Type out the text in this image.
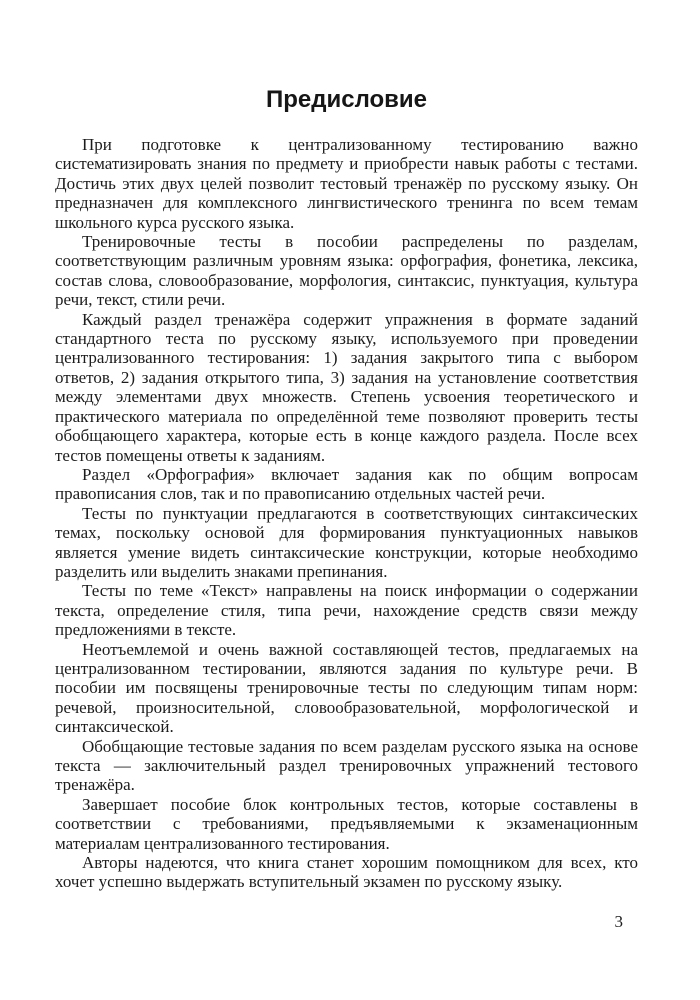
Предисловие

При подготовке к централизованному тестированию важно систематизировать знания по предмету и приобрести навык работы с тестами. Достичь этих двух целей позволит тестовый тренажёр по русскому языку. Он предназначен для комплексного лингвистического тренинга по всем темам школьного курса русского языка.

Тренировочные тесты в пособии распределены по разделам, соответствующим различным уровням языка: орфография, фонетика, лексика, состав слова, словообразование, морфология, синтаксис, пунктуация, культура речи, текст, стили речи.

Каждый раздел тренажёра содержит упражнения в формате заданий стандартного теста по русскому языку, используемого при проведении централизованного тестирования: 1) задания закрытого типа с выбором ответов, 2) задания открытого типа, 3) задания на установление соответствия между элементами двух множеств. Степень усвоения теоретического и практического материала по определённой теме позволяют проверить тесты обобщающего характера, которые есть в конце каждого раздела. После всех тестов помещены ответы к заданиям.

Раздел «Орфография» включает задания как по общим вопросам правописания слов, так и по правописанию отдельных частей речи.

Тесты по пунктуации предлагаются в соответствующих синтаксических темах, поскольку основой для формирования пунктуационных навыков является умение видеть синтаксические конструкции, которые необходимо разделить или выделить знаками препинания.

Тесты по теме «Текст» направлены на поиск информации о содержании текста, определение стиля, типа речи, нахождение средств связи между предложениями в тексте.

Неотъемлемой и очень важной составляющей тестов, предлагаемых на централизованном тестировании, являются задания по культуре речи. В пособии им посвящены тренировочные тесты по следующим типам норм: речевой, произносительной, словообразовательной, морфологической и синтаксической.

Обобщающие тестовые задания по всем разделам русского языка на основе текста — заключительный раздел тренировочных упражнений тестового тренажёра.

Завершает пособие блок контрольных тестов, которые составлены в соответствии с требованиями, предъявляемыми к экзаменационным материалам централизованного тестирования.

Авторы надеются, что книга станет хорошим помощником для всех, кто хочет успешно выдержать вступительный экзамен по русскому языку.

3
